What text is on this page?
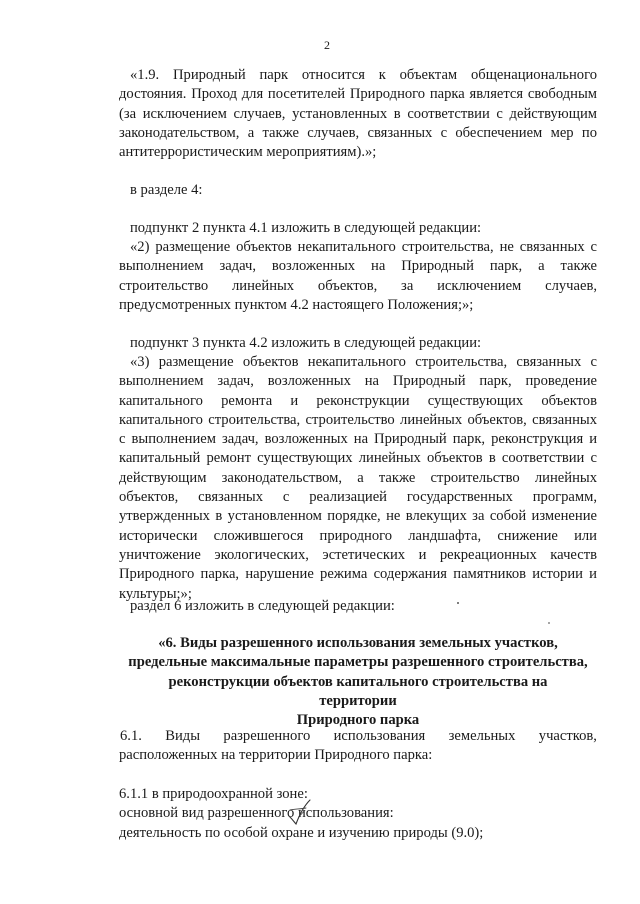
2

«1.9. Природный парк относится к объектам общенационального достояния. Проход для посетителей Природного парка является свободным (за исключением случаев, установленных в соответствии с действующим законодательством, а также случаев, связанных с обеспечением мер по антитеррористическим мероприятиям).»;

в разделе 4:
подпункт 2 пункта 4.1 изложить в следующей редакции:

«2) размещение объектов некапитального строительства, не связанных с выполнением задач, возложенных на Природный парк, а также строительство линейных объектов, за исключением случаев, предусмотренных пунктом 4.2 настоящего Положения;»;

подпункт 3 пункта 4.2 изложить в следующей редакции:

«3) размещение объектов некапитального строительства, связанных с выполнением задач, возложенных на Природный парк, проведение капитального ремонта и реконструкции существующих объектов капитального строительства, строительство линейных объектов, связанных с выполнением задач, возложенных на Природный парк, реконструкция и капитальный ремонт существующих линейных объектов в соответствии с действующим законодательством, а также строительство линейных объектов, связанных с реализацией государственных программ, утвержденных в установленном порядке, не влекущих за собой изменение исторически сложившегося природного ландшафта, снижение или уничтожение экологических, эстетических и рекреационных качеств Природного парка, нарушение режима содержания памятников истории и культуры;»;

раздел 6 изложить в следующей редакции:
«6. Виды разрешенного использования земельных участков,
предельные максимальные параметры разрешенного строительства,
реконструкции объектов капитального строительства на территории
Природного парка
6.1. Виды разрешенного использования земельных участков,
расположенных на территории Природного парка:
6.1.1 в природоохранной зоне:
основной вид разрешенного использования:
деятельность по особой охране и изучению природы (9.0);
